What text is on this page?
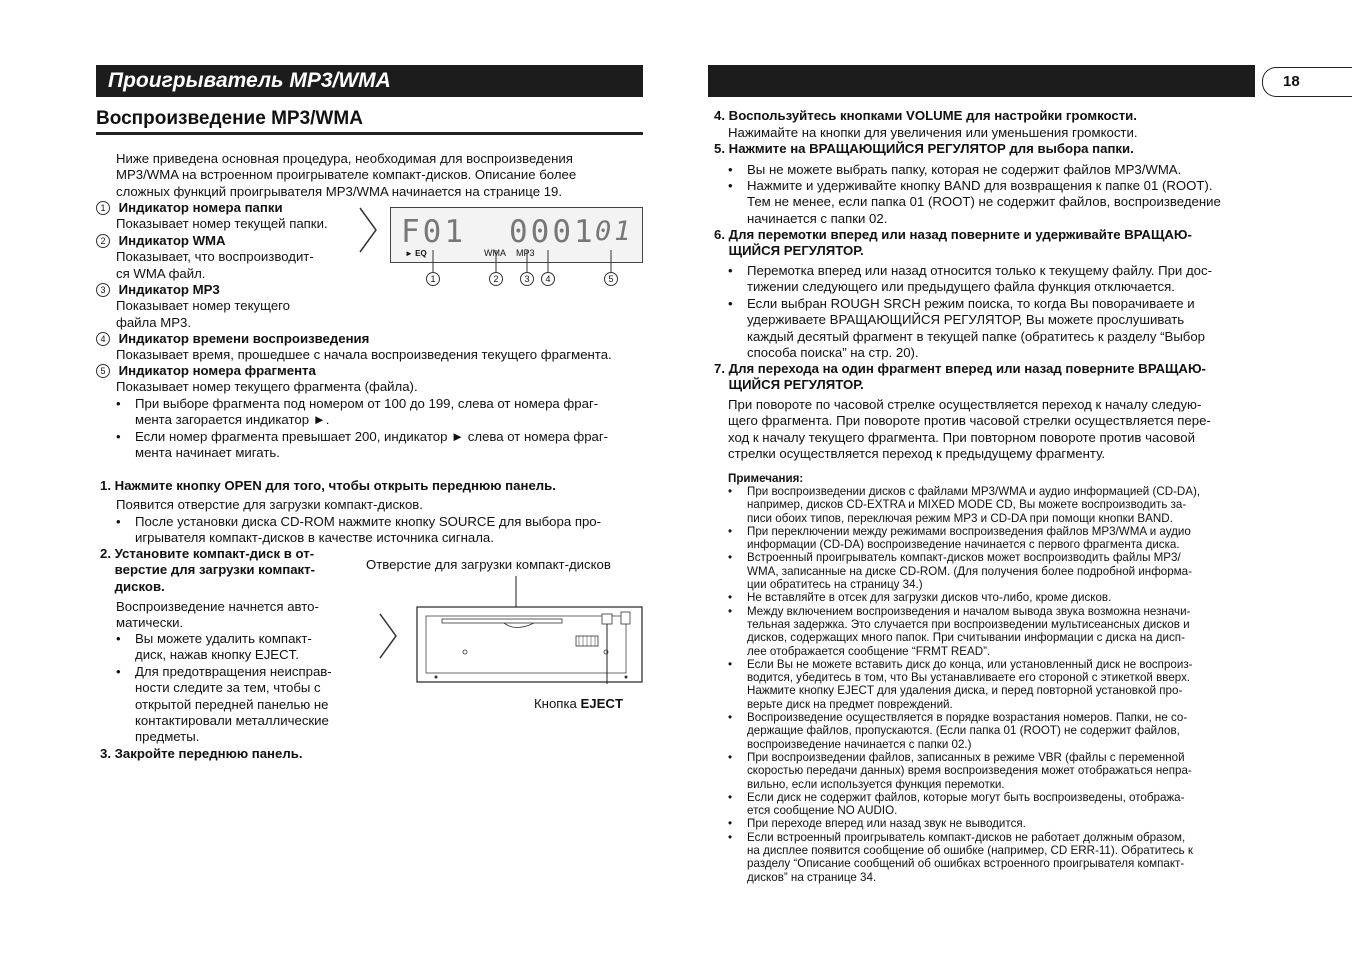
Проигрыватель MP3/WMA	18
Воспроизведение MP3/WMA
Ниже приведена основная процедура, необходимая для воспроизведения
MP3/WMA на встроенном проигрывателе компакт-дисков. Описание более
сложных функций проигрывателя MP3/WMA начинается на странице 19.
1 Индикатор номера папки
Показывает номер текущей папки.
2 Индикатор WMA
Показывает, что воспроизводит-
ся WMA файл.
3 Индикатор MP3
Показывает номер текущего
файла MP3.
4 Индикатор времени воспроизведения
Показывает время, прошедшее с начала воспроизведения текущего фрагмента.
5 Индикатор номера фрагмента
Показывает номер текущего фрагмента (файла).
• При выборе фрагмента под номером от 100 до 199, слева от номера фраг-
мента загорается индикатор ►.
• Если номер фрагмента превышает 200, индикатор ► слева от номера фраг-
мента начинает мигать.
F01 0001 01
► EQ	WMA MP3
1	2	3	4	5
1. Нажмите кнопку OPEN для того, чтобы открыть переднюю панель.
Появится отверстие для загрузки компакт-дисков.
• После установки диска CD-ROM нажмите кнопку SOURCE для выбора про-
игрывателя компакт-дисков в качестве источника сигнала.
2. Установите компакт-диск в от-
верстие для загрузки компакт-
дисков.
Воспроизведение начнется авто-
матически.
• Вы можете удалить компакт-
диск, нажав кнопку EJECT.
• Для предотвращения неисправ-
ности следите за тем, чтобы с
открытой передней панелью не
контактировали металлические
предметы.
3. Закройте переднюю панель.
Отверстие для загрузки компакт-дисков
Кнопка EJECT
4. Воспользуйтесь кнопками VOLUME для настройки громкости.
Нажимайте на кнопки для увеличения или уменьшения громкости.
5. Нажмите на ВРАЩАЮЩИЙСЯ РЕГУЛЯТОР для выбора папки.
• Вы не можете выбрать папку, которая не содержит файлов MP3/WMA.
• Нажмите и удерживайте кнопку BAND для возвращения к папке 01 (ROOT).
Тем не менее, если папка 01 (ROOT) не содержит файлов, воспроизведение
начинается с папки 02.
6. Для перемотки вперед или назад поверните и удерживайте ВРАЩАЮ-
ЩИЙСЯ РЕГУЛЯТОР.
• Перемотка вперед или назад относится только к текущему файлу. При дос-
тижении следующего или предыдущего файла функция отключается.
• Если выбран ROUGH SRCH режим поиска, то когда Вы поворачиваете и
удерживаете ВРАЩАЮЩИЙСЯ РЕГУЛЯТОР, Вы можете прослушивать
каждый десятый фрагмент в текущей папке (обратитесь к разделу “Выбор
способа поиска” на стр. 20).
7. Для перехода на один фрагмент вперед или назад поверните ВРАЩАЮ-
ЩИЙСЯ РЕГУЛЯТОР.
При повороте по часовой стрелке осуществляется переход к началу следую-
щего фрагмента. При повороте против часовой стрелки осуществляется пере-
ход к началу текущего фрагмента. При повторном повороте против часовой
стрелки осуществляется переход к предыдущему фрагменту.
Примечания:
• При воспроизведении дисков с файлами MP3/WMA и аудио информацией (CD-DA),
например, дисков CD-EXTRA и MIXED MODE CD, Вы можете воспроизводить за-
писи обоих типов, переключая режим MP3 и CD-DA при помощи кнопки BAND.
• При переключении между режимами воспроизведения файлов MP3/WMA и аудио
информации (CD-DA) воспроизведение начинается с первого фрагмента диска.
• Встроенный проигрыватель компакт-дисков может воспроизводить файлы MP3/
WMA, записанные на диске CD-ROM. (Для получения более подробной информа-
ции обратитесь на страницу 34.)
• Не вставляйте в отсек для загрузки дисков что-либо, кроме дисков.
• Между включением воспроизведения и началом вывода звука возможна незначи-
тельная задержка. Это случается при воспроизведении мультисеансных дисков и
дисков, содержащих много папок. При считывании информации с диска на дисп-
лее отображается сообщение “FRMT READ”.
• Если Вы не можете вставить диск до конца, или установленный диск не воспроиз-
водится, убедитесь в том, что Вы устанавливаете его стороной с этикеткой вверх.
Нажмите кнопку EJECT для удаления диска, и перед повторной установкой про-
верьте диск на предмет повреждений.
• Воспроизведение осуществляется в порядке возрастания номеров. Папки, не со-
держащие файлов, пропускаются. (Если папка 01 (ROOT) не содержит файлов,
воспроизведение начинается с папки 02.)
• При воспроизведении файлов, записанных в режиме VBR (файлы с переменной
скоростью передачи данных) время воспроизведения может отображаться непра-
вильно, если используется функция перемотки.
• Если диск не содержит файлов, которые могут быть воспроизведены, отобража-
ется сообщение NO AUDIO.
• При переходе вперед или назад звук не выводится.
• Если встроенный проигрыватель компакт-дисков не работает должным образом,
на дисплее появится сообщение об ошибке (например, CD ERR-11). Обратитесь к
разделу “Описание сообщений об ошибках встроенного проигрывателя компакт-
дисков” на странице 34.
